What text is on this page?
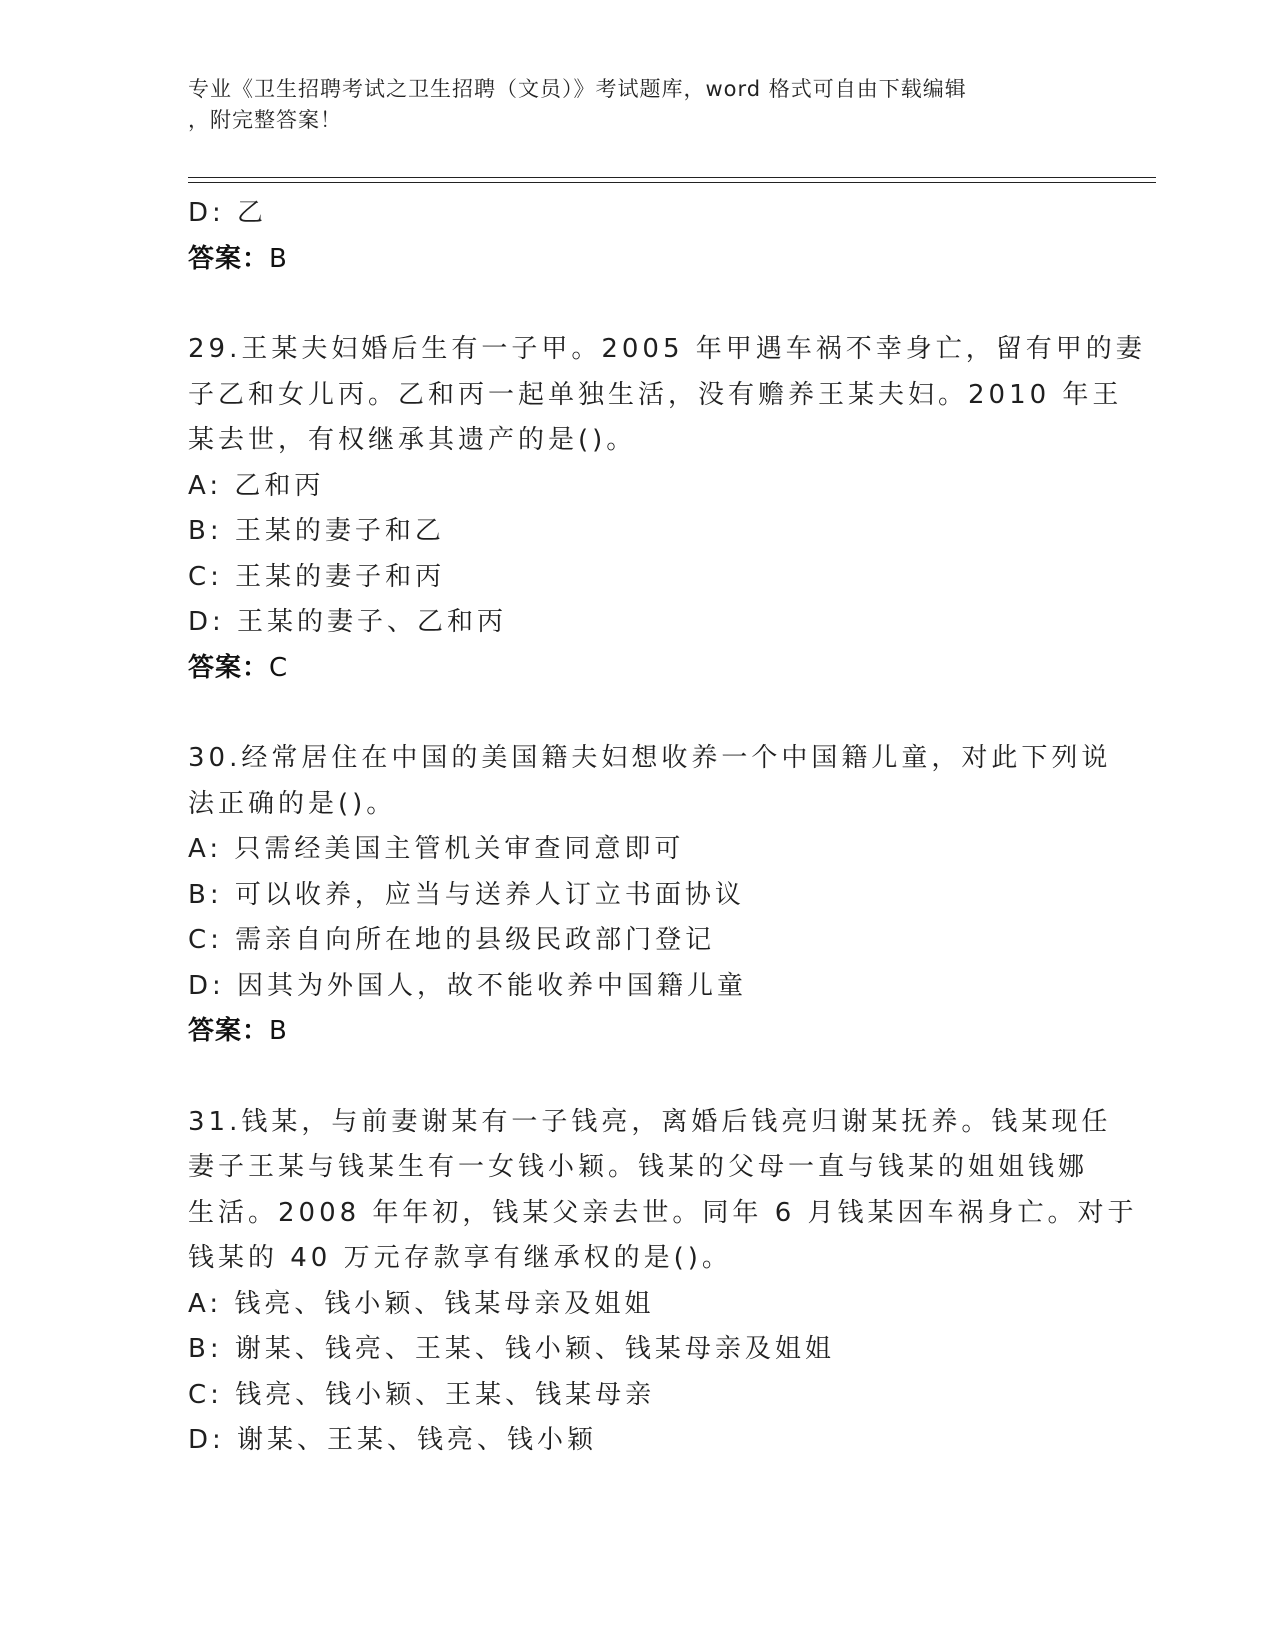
专业《卫生招聘考试之卫生招聘（文员）》考试题库，word 格式可自由下载编辑
，附完整答案！
D: 乙
答案：B
29.王某夫妇婚后生有一子甲。2005 年甲遇车祸不幸身亡，留有甲的妻
子乙和女儿丙。乙和丙一起单独生活，没有赡养王某夫妇。2010 年王
某去世，有权继承其遗产的是()。
A: 乙和丙
B: 王某的妻子和乙
C: 王某的妻子和丙
D: 王某的妻子、乙和丙
答案：C
30.经常居住在中国的美国籍夫妇想收养一个中国籍儿童，对此下列说
法正确的是()。
A: 只需经美国主管机关审查同意即可
B: 可以收养，应当与送养人订立书面协议
C: 需亲自向所在地的县级民政部门登记
D: 因其为外国人，故不能收养中国籍儿童
答案：B
31.钱某，与前妻谢某有一子钱亮，离婚后钱亮归谢某抚养。钱某现任
妻子王某与钱某生有一女钱小颖。钱某的父母一直与钱某的姐姐钱娜
生活。2008 年年初，钱某父亲去世。同年 6 月钱某因车祸身亡。对于
钱某的 40 万元存款享有继承权的是()。
A: 钱亮、钱小颖、钱某母亲及姐姐
B: 谢某、钱亮、王某、钱小颖、钱某母亲及姐姐
C: 钱亮、钱小颖、王某、钱某母亲
D: 谢某、王某、钱亮、钱小颖
